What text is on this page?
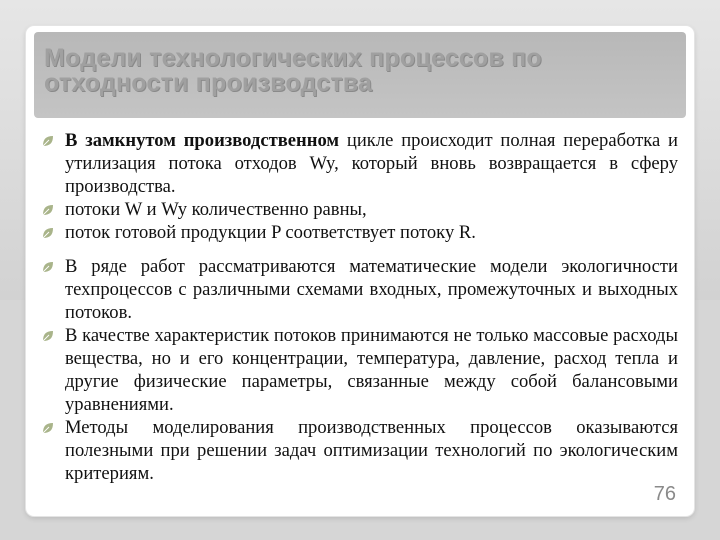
Модели технологических процессов по отходности производства
В замкнутом производственном цикле происходит полная переработка и утилизация потока отходов Wy, который вновь возвращается в сферу производства.
потоки W и Wy количественно равны,
поток готовой продукции P соответствует потоку R.
В ряде работ рассматриваются математические модели экологичности техпроцессов с различными схемами входных, промежуточных и выходных потоков.
В качестве характеристик потоков принимаются не только массовые расходы вещества, но и его концентрации, температура, давление, расход тепла и другие физические параметры, связанные между собой балансовыми уравнениями.
Методы моделирования производственных процессов оказываются полезными при решении задач оптимизации технологий по экологическим критериям.
76
